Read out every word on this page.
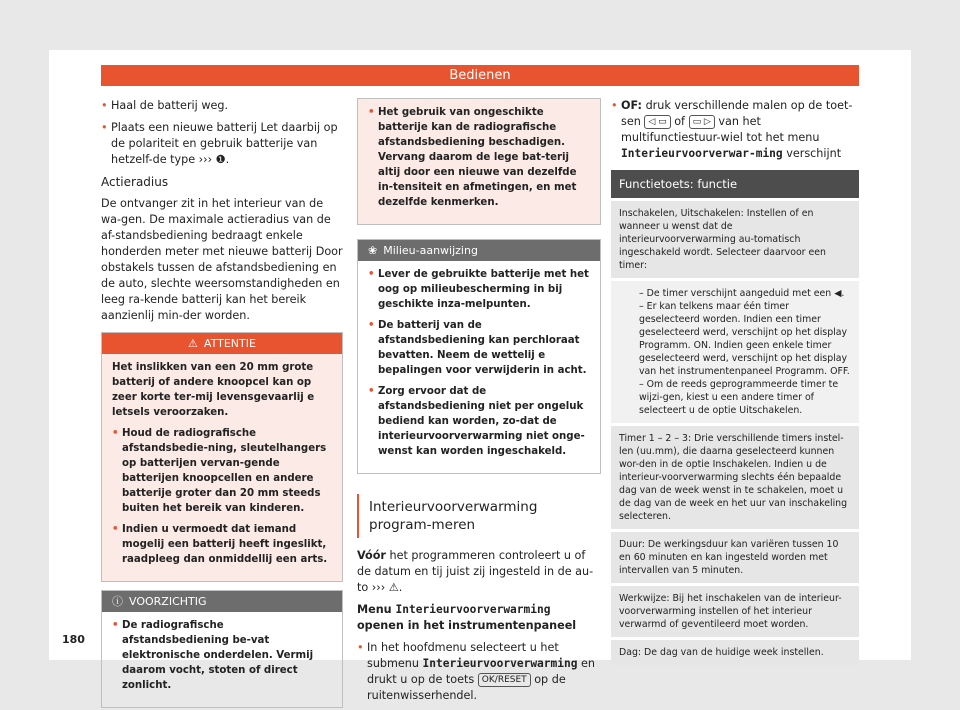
Bedienen

• Haal de batterij weg.

• Plaats een nieuwe batterij Let daarbij op de polariteit en gebruik batterije van hetzelf-de type ››› ❶.

Actieradius

De ontvanger zit in het interieur van de wa-gen. De maximale actieradius van de af-standsbediening bedraagt enkele honderden meter met nieuwe batterij Door obstakels tussen de afstandsbediening en de auto, slechte weersomstandigheden en leeg ra-kende batterij kan het bereik aanzienlij min-der worden.

⚠ ATTENTIE

Het inslikken van een 20 mm grote batterij of andere knoopcel kan op zeer korte ter-mij levensgevaarlij e letsels veroorzaken.

• Houd de radiografische afstandsbedie-ning, sleutelhangers op batterijen vervan-gende batterijen knoopcellen en andere batterije groter dan 20 mm steeds buiten het bereik van kinderen.

• Indien u vermoedt dat iemand mogelij een batterij heeft ingeslikt, raadpleeg dan onmiddellij een arts.

ⓘ VOORZICHTIG

• De radiografische afstandsbediening be-vat elektronische onderdelen. Vermij daarom vocht, stoten of direct zonlicht.

• Het gebruik van ongeschikte batterije kan de radiografische afstandsbediening beschadigen. Vervang daarom de lege bat-terij altij door een nieuwe van dezelfde in-tensiteit en afmetingen, en met dezelfde kenmerken.

❀ Milieu-aanwijzing

• Lever de gebruikte batterije met het oog op milieubescherming in bij geschikte inza-melpunten.

• De batterij van de afstandsbediening kan perchloraat bevatten. Neem de wettelij e bepalingen voor verwijderin in acht.

• Zorg ervoor dat de afstandsbediening niet per ongeluk bediend kan worden, zo-dat de interieurvoorverwarming niet onge-wenst kan worden ingeschakeld.

Interieurvoorverwarming program-meren

Vóór het programmeren controleert u of de datum en tij juist zij ingesteld in de au-to ››› ⚠.

Menu Interieurvoorverwarming openen in het instrumentenpaneel

• In het hoofdmenu selecteert u het submenu Interieurvoorverwarming en drukt u op de toets OK/RESET op de ruitenwisserhendel.

• OF: druk verschillende malen op de toet-sen ◁ ▭ of ▭ ▷ van het multifunctiestuur-wiel tot het menu Interieurvoorverwar-ming verschijnt

Functietoets: functie
Inschakelen, Uitschakelen: Instellen of en wanneer u wenst dat de interieurvoorverwarming au-tomatisch ingeschakeld wordt. Selecteer daarvoor een timer:
– De timer verschijnt aangeduid met een ◀.
– Er kan telkens maar één timer geselecteerd worden. Indien een timer geselecteerd werd, verschijnt op het display Programm. ON. Indien geen enkele timer geselecteerd werd, verschijnt op het display van het instrumentenpaneel Programm. OFF.
– Om de reeds geprogrammeerde timer te wijzi-gen, kiest u een andere timer of selecteert u de optie Uitschakelen.
Timer 1 – 2 – 3: Drie verschillende timers instel-len (uu.mm), die daarna geselecteerd kunnen wor-den in de optie Inschakelen. Indien u de interieur-voorverwarming slechts één bepaalde dag van de week wenst in te schakelen, moet u de dag van de week en het uur van inschakeling selecteren.
Duur: De werkingsduur kan variëren tussen 10 en 60 minuten en kan ingesteld worden met intervallen van 5 minuten.
Werkwijze: Bij het inschakelen van de interieur-voorverwarming instellen of het interieur verwarmd of geventileerd moet worden.
Dag: De dag van de huidige week instellen.
180
